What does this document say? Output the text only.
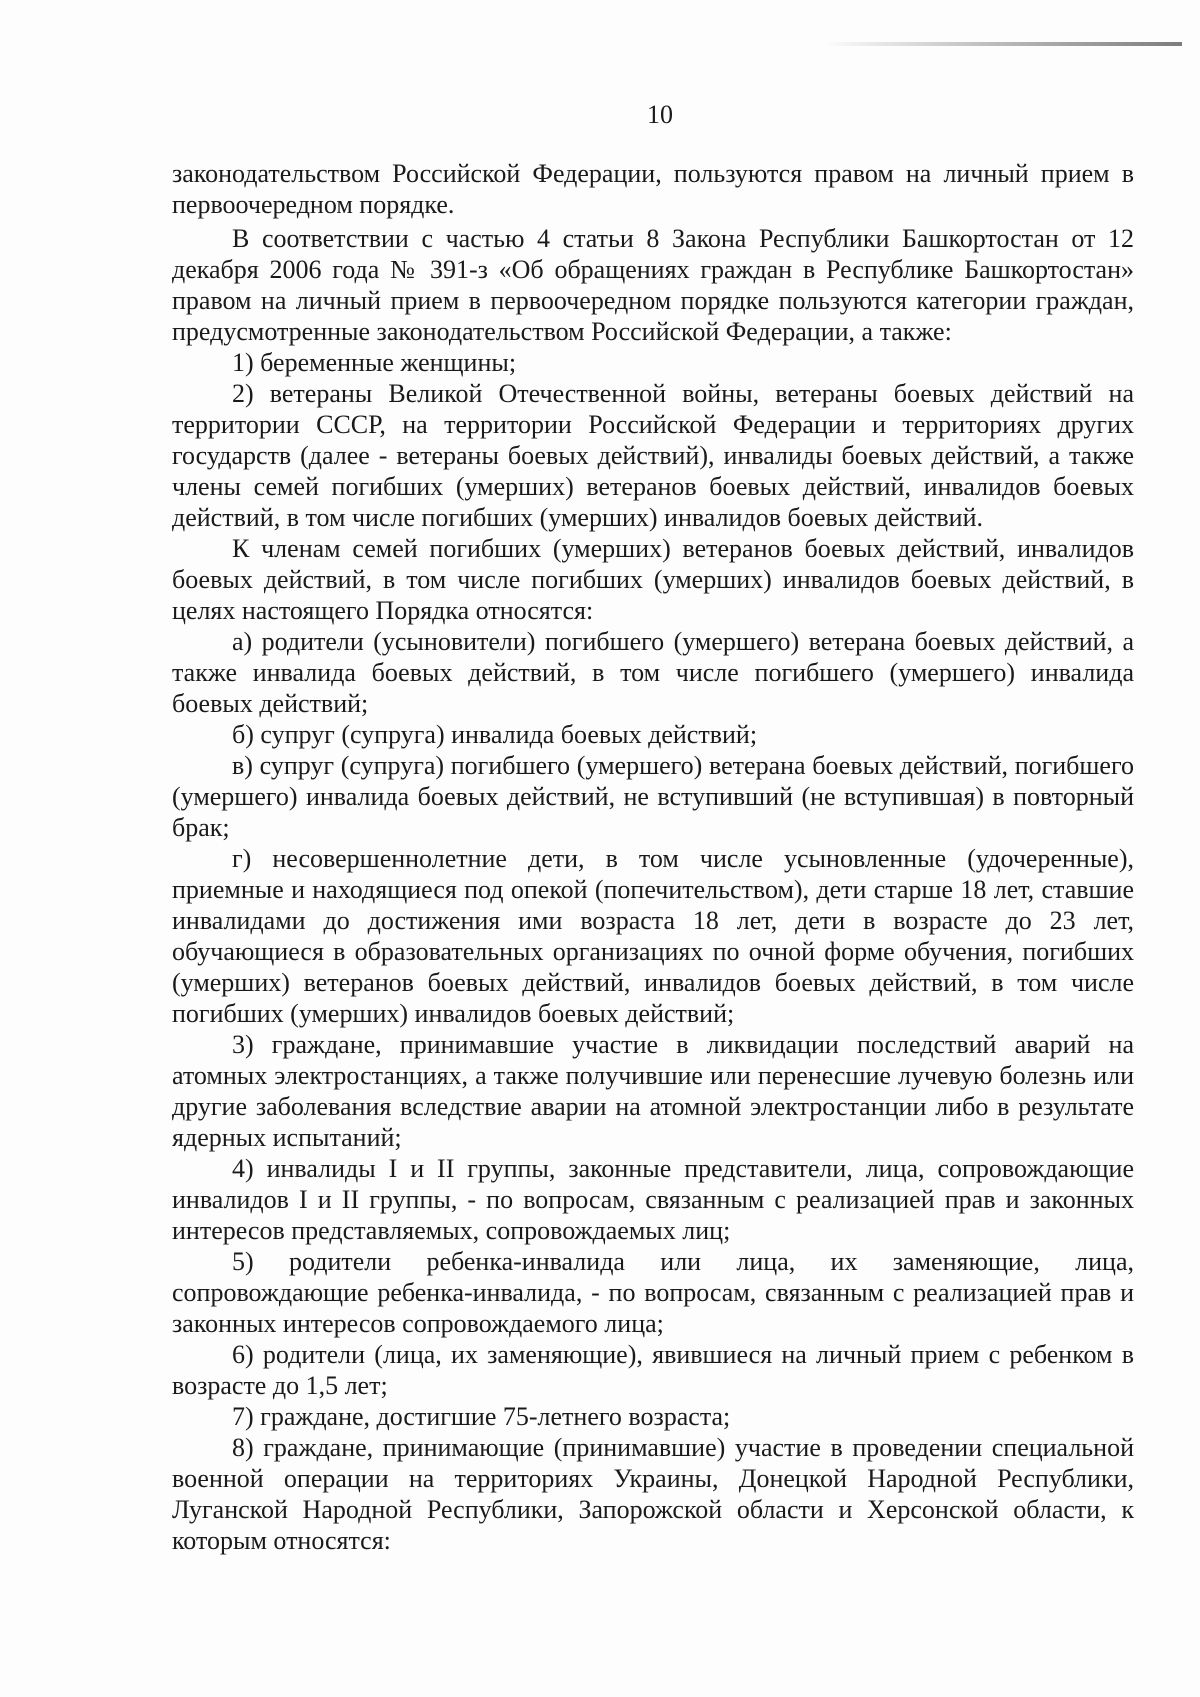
10

законодательством Российской Федерации, пользуются правом на личный прием в первоочередном порядке.

В соответствии с частью 4 статьи 8 Закона Республики Башкортостан от 12 декабря 2006 года № 391-з «Об обращениях граждан в Республике Башкортостан» правом на личный прием в первоочередном порядке пользуются категории граждан, предусмотренные законодательством Российской Федерации, а также:

1) беременные женщины;

2) ветераны Великой Отечественной войны, ветераны боевых действий на территории СССР, на территории Российской Федерации и территориях других государств (далее - ветераны боевых действий), инвалиды боевых действий, а также члены семей погибших (умерших) ветеранов боевых действий, инвалидов боевых действий, в том числе погибших (умерших) инвалидов боевых действий.

К членам семей погибших (умерших) ветеранов боевых действий, инвалидов боевых действий, в том числе погибших (умерших) инвалидов боевых действий, в целях настоящего Порядка относятся:

а) родители (усыновители) погибшего (умершего) ветерана боевых действий, а также инвалида боевых действий, в том числе погибшего (умершего) инвалида боевых действий;

б) супруг (супруга) инвалида боевых действий;

в) супруг (супруга) погибшего (умершего) ветерана боевых действий, погибшего (умершего) инвалида боевых действий, не вступивший (не вступившая) в повторный брак;

г) несовершеннолетние дети, в том числе усыновленные (удочеренные), приемные и находящиеся под опекой (попечительством), дети старше 18 лет, ставшие инвалидами до достижения ими возраста 18 лет, дети в возрасте до 23 лет, обучающиеся в образовательных организациях по очной форме обучения, погибших (умерших) ветеранов боевых действий, инвалидов боевых действий, в том числе погибших (умерших) инвалидов боевых действий;

3) граждане, принимавшие участие в ликвидации последствий аварий на атомных электростанциях, а также получившие или перенесшие лучевую болезнь или другие заболевания вследствие аварии на атомной электростанции либо в результате ядерных испытаний;

4) инвалиды I и II группы, законные представители, лица, сопровождающие инвалидов I и II группы, - по вопросам, связанным с реализацией прав и законных интересов представляемых, сопровождаемых лиц;

5) родители ребенка-инвалида или лица, их заменяющие, лица, сопровождающие ребенка-инвалида, - по вопросам, связанным с реализацией прав и законных интересов сопровождаемого лица;

6) родители (лица, их заменяющие), явившиеся на личный прием с ребенком в возрасте до 1,5 лет;

7) граждане, достигшие 75-летнего возраста;

8) граждане, принимающие (принимавшие) участие в проведении специальной военной операции на территориях Украины, Донецкой Народной Республики, Луганской Народной Республики, Запорожской области и Херсонской области, к которым относятся:
